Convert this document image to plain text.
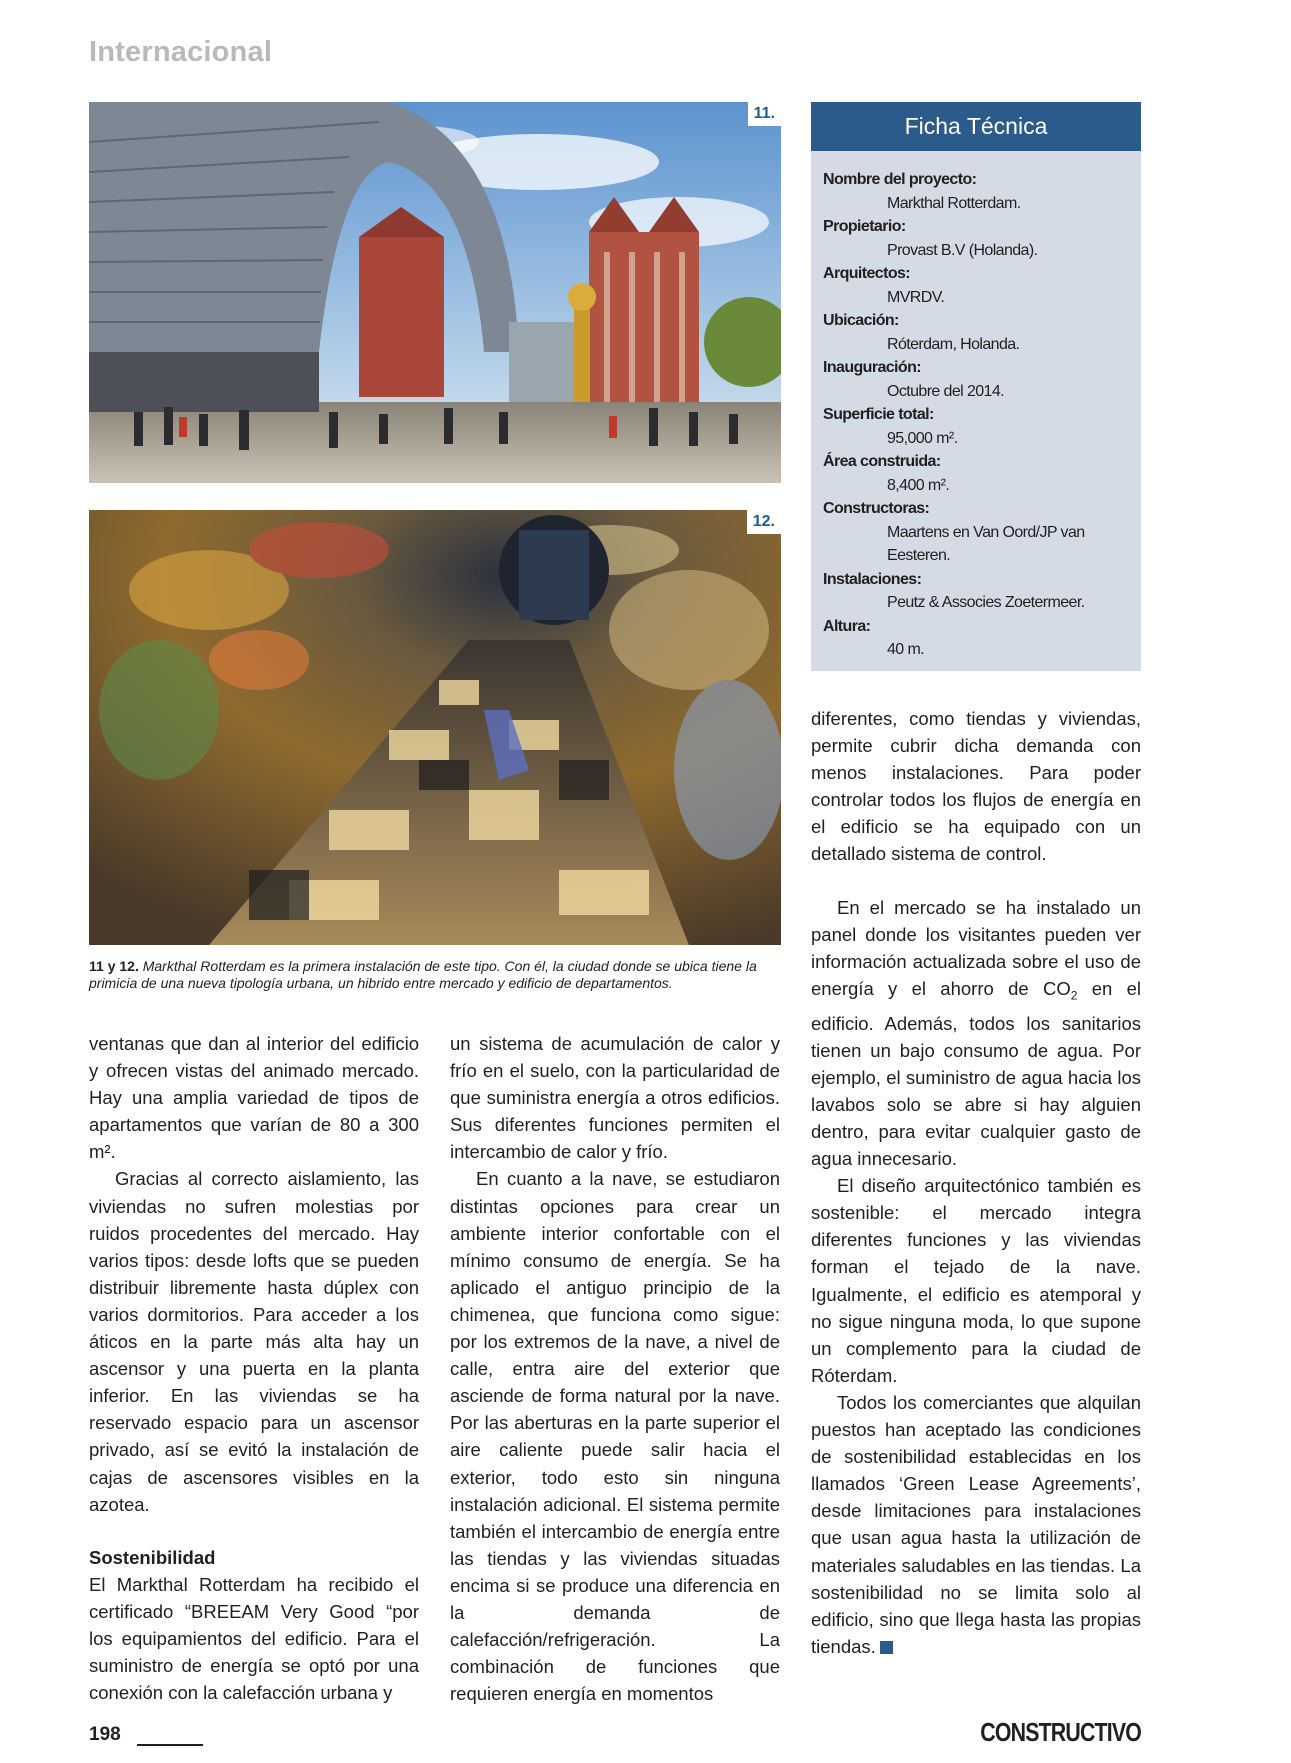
Internacional
11.
12.
11 y 12. Markthal Rotterdam es la primera instalación de este tipo. Con él, la ciudad donde se ubica tiene la primicia de una nueva tipología urbana, un hibrido entre mercado y edificio de departamentos.
Ficha Técnica
Nombre del proyecto:
Markthal Rotterdam.
Propietario:
Provast B.V (Holanda).
Arquitectos:
MVRDV.
Ubicación:
Róterdam, Holanda.
Inauguración:
Octubre del 2014.
Superficie total:
95,000 m².
Área construida:
8,400 m².
Constructoras:
Maartens en Van Oord/JP van Eesteren.
Instalaciones:
Peutz & Associes Zoetermeer.
Altura:
40 m.

ventanas que dan al interior del edificio y ofrecen vistas del animado mercado. Hay una amplia variedad de tipos de apartamentos que varían de 80 a 300 m².

Gracias al correcto aislamiento, las viviendas no sufren molestias por ruidos procedentes del mercado. Hay varios tipos: desde lofts que se pueden distribuir libremente hasta dúplex con varios dormitorios. Para acceder a los áticos en la parte más alta hay un ascensor y una puerta en la planta inferior. En las viviendas se ha reservado espacio para un ascensor privado, así se evitó la instalación de cajas de ascensores visibles en la azotea.

Sostenibilidad

El Markthal Rotterdam ha recibido el certificado “BREEAM Very Good “por los equipamientos del edificio. Para el suministro de energía se optó por una conexión con la calefacción urbana y

un sistema de acumulación de calor y frío en el suelo, con la particularidad de que suministra energía a otros edificios. Sus diferentes funciones permiten el intercambio de calor y frío.

En cuanto a la nave, se estudiaron distintas opciones para crear un ambiente interior confortable con el mínimo consumo de energía. Se ha aplicado el antiguo principio de la chimenea, que funciona como sigue: por los extremos de la nave, a nivel de calle, entra aire del exterior que asciende de forma natural por la nave. Por las aberturas en la parte superior el aire caliente puede salir hacia el exterior, todo esto sin ninguna instalación adicional. El sistema permite también el intercambio de energía entre las tiendas y las viviendas situadas encima si se produce una diferencia en la demanda de calefacción/refrigeración. La combinación de funciones que requieren energía en momentos

diferentes, como tiendas y viviendas, permite cubrir dicha demanda con menos instalaciones. Para poder controlar todos los flujos de energía en el edificio se ha equipado con un detallado sistema de control.

En el mercado se ha instalado un panel donde los visitantes pueden ver información actualizada sobre el uso de energía y el ahorro de $CO_2$ en el edificio. Además, todos los sanitarios tienen un bajo consumo de agua. Por ejemplo, el suministro de agua hacia los lavabos solo se abre si hay alguien dentro, para evitar cualquier gasto de agua innecesario.

El diseño arquitectónico también es sostenible: el mercado integra diferentes funciones y las viviendas forman el tejado de la nave. Igualmente, el edificio es atemporal y no sigue ninguna moda, lo que supone un complemento para la ciudad de Róterdam.

Todos los comerciantes que alquilan puestos han aceptado las condiciones de sostenibilidad establecidas en los llamados ‘Green Lease Agreements’, desde limitaciones para instalaciones que usan agua hasta la utilización de materiales saludables en las tiendas. La sostenibilidad no se limita solo al edificio, sino que llega hasta las propias tiendas.

198	CONSTRUCTIVO
